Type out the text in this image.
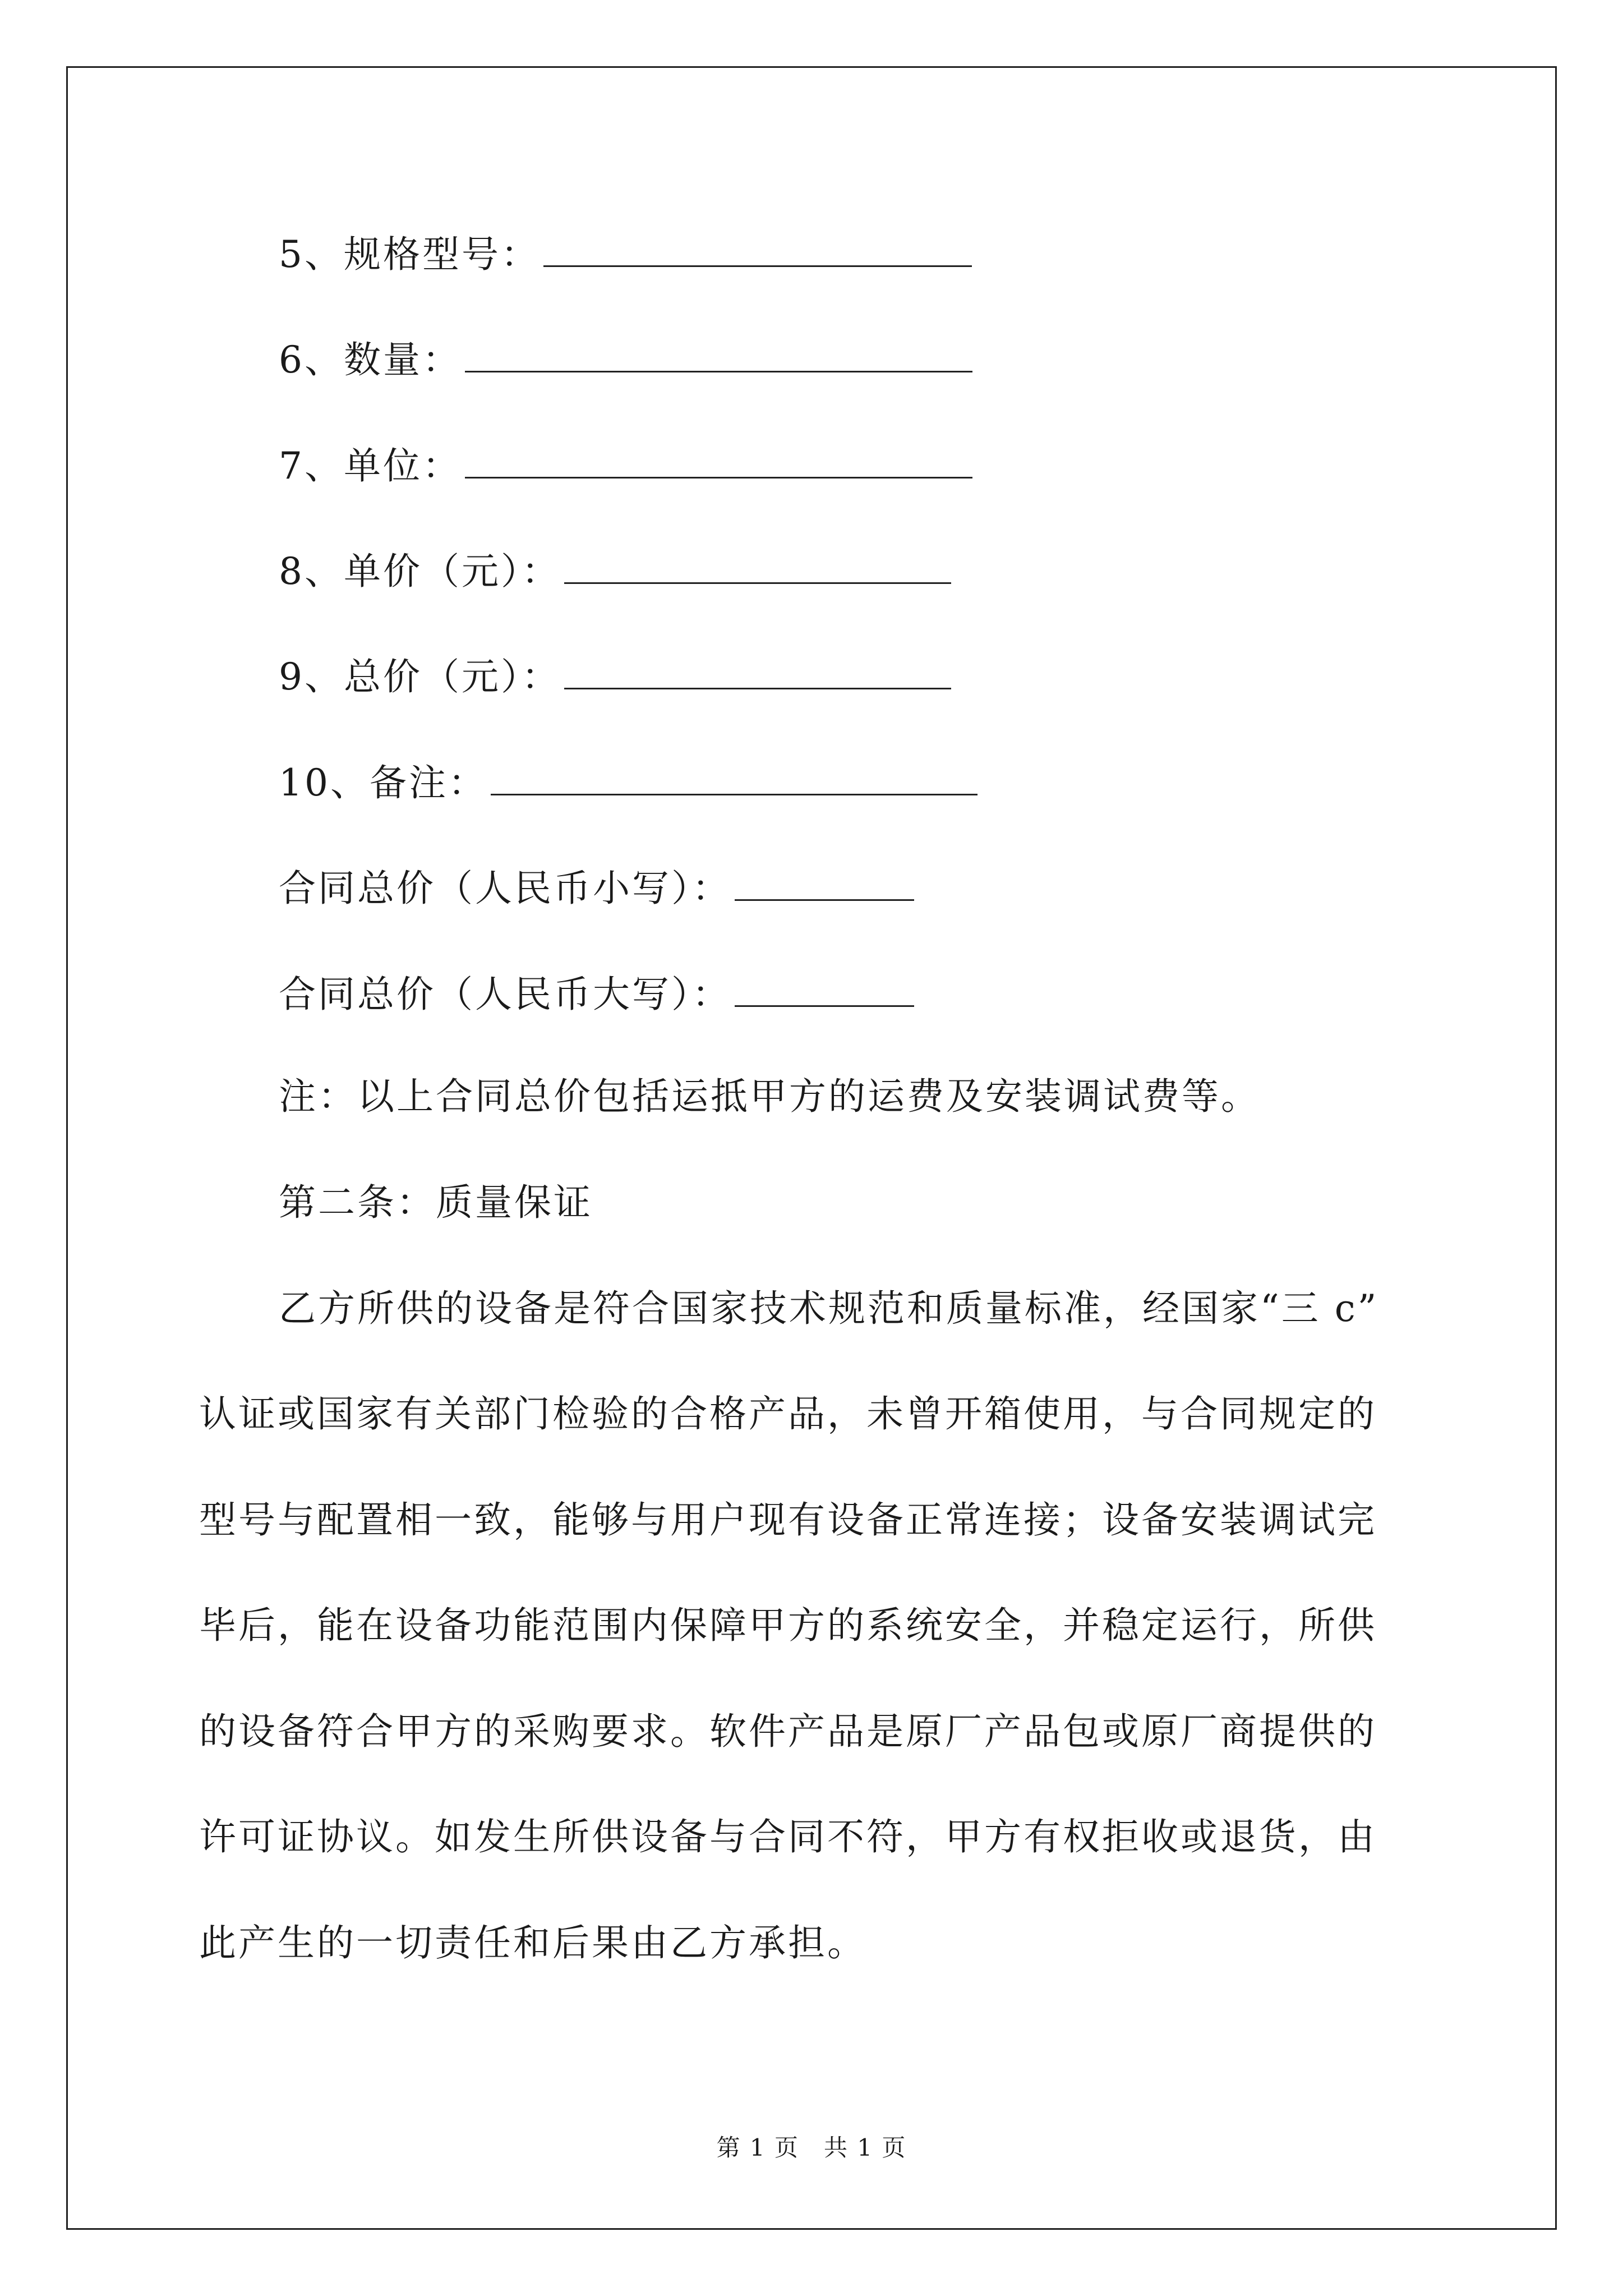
5、规格型号：
6、数量：
7、单位：
8、单价（元）：
9、总价（元）：
10、备注：
合同总价（人民币小写）：
合同总价（人民币大写）：
注：以上合同总价包括运抵甲方的运费及安装调试费等。
第二条：质量保证
乙方所供的设备是符合国家技术规范和质量标准，经国家“三 c”
认证或国家有关部门检验的合格产品，未曾开箱使用，与合同规定的
型号与配置相一致，能够与用户现有设备正常连接；设备安装调试完
毕后，能在设备功能范围内保障甲方的系统安全，并稳定运行，所供
的设备符合甲方的采购要求。软件产品是原厂产品包或原厂商提供的
许可证协议。如发生所供设备与合同不符，甲方有权拒收或退货，由
此产生的一切责任和后果由乙方承担。
第 1 页　共 1 页
